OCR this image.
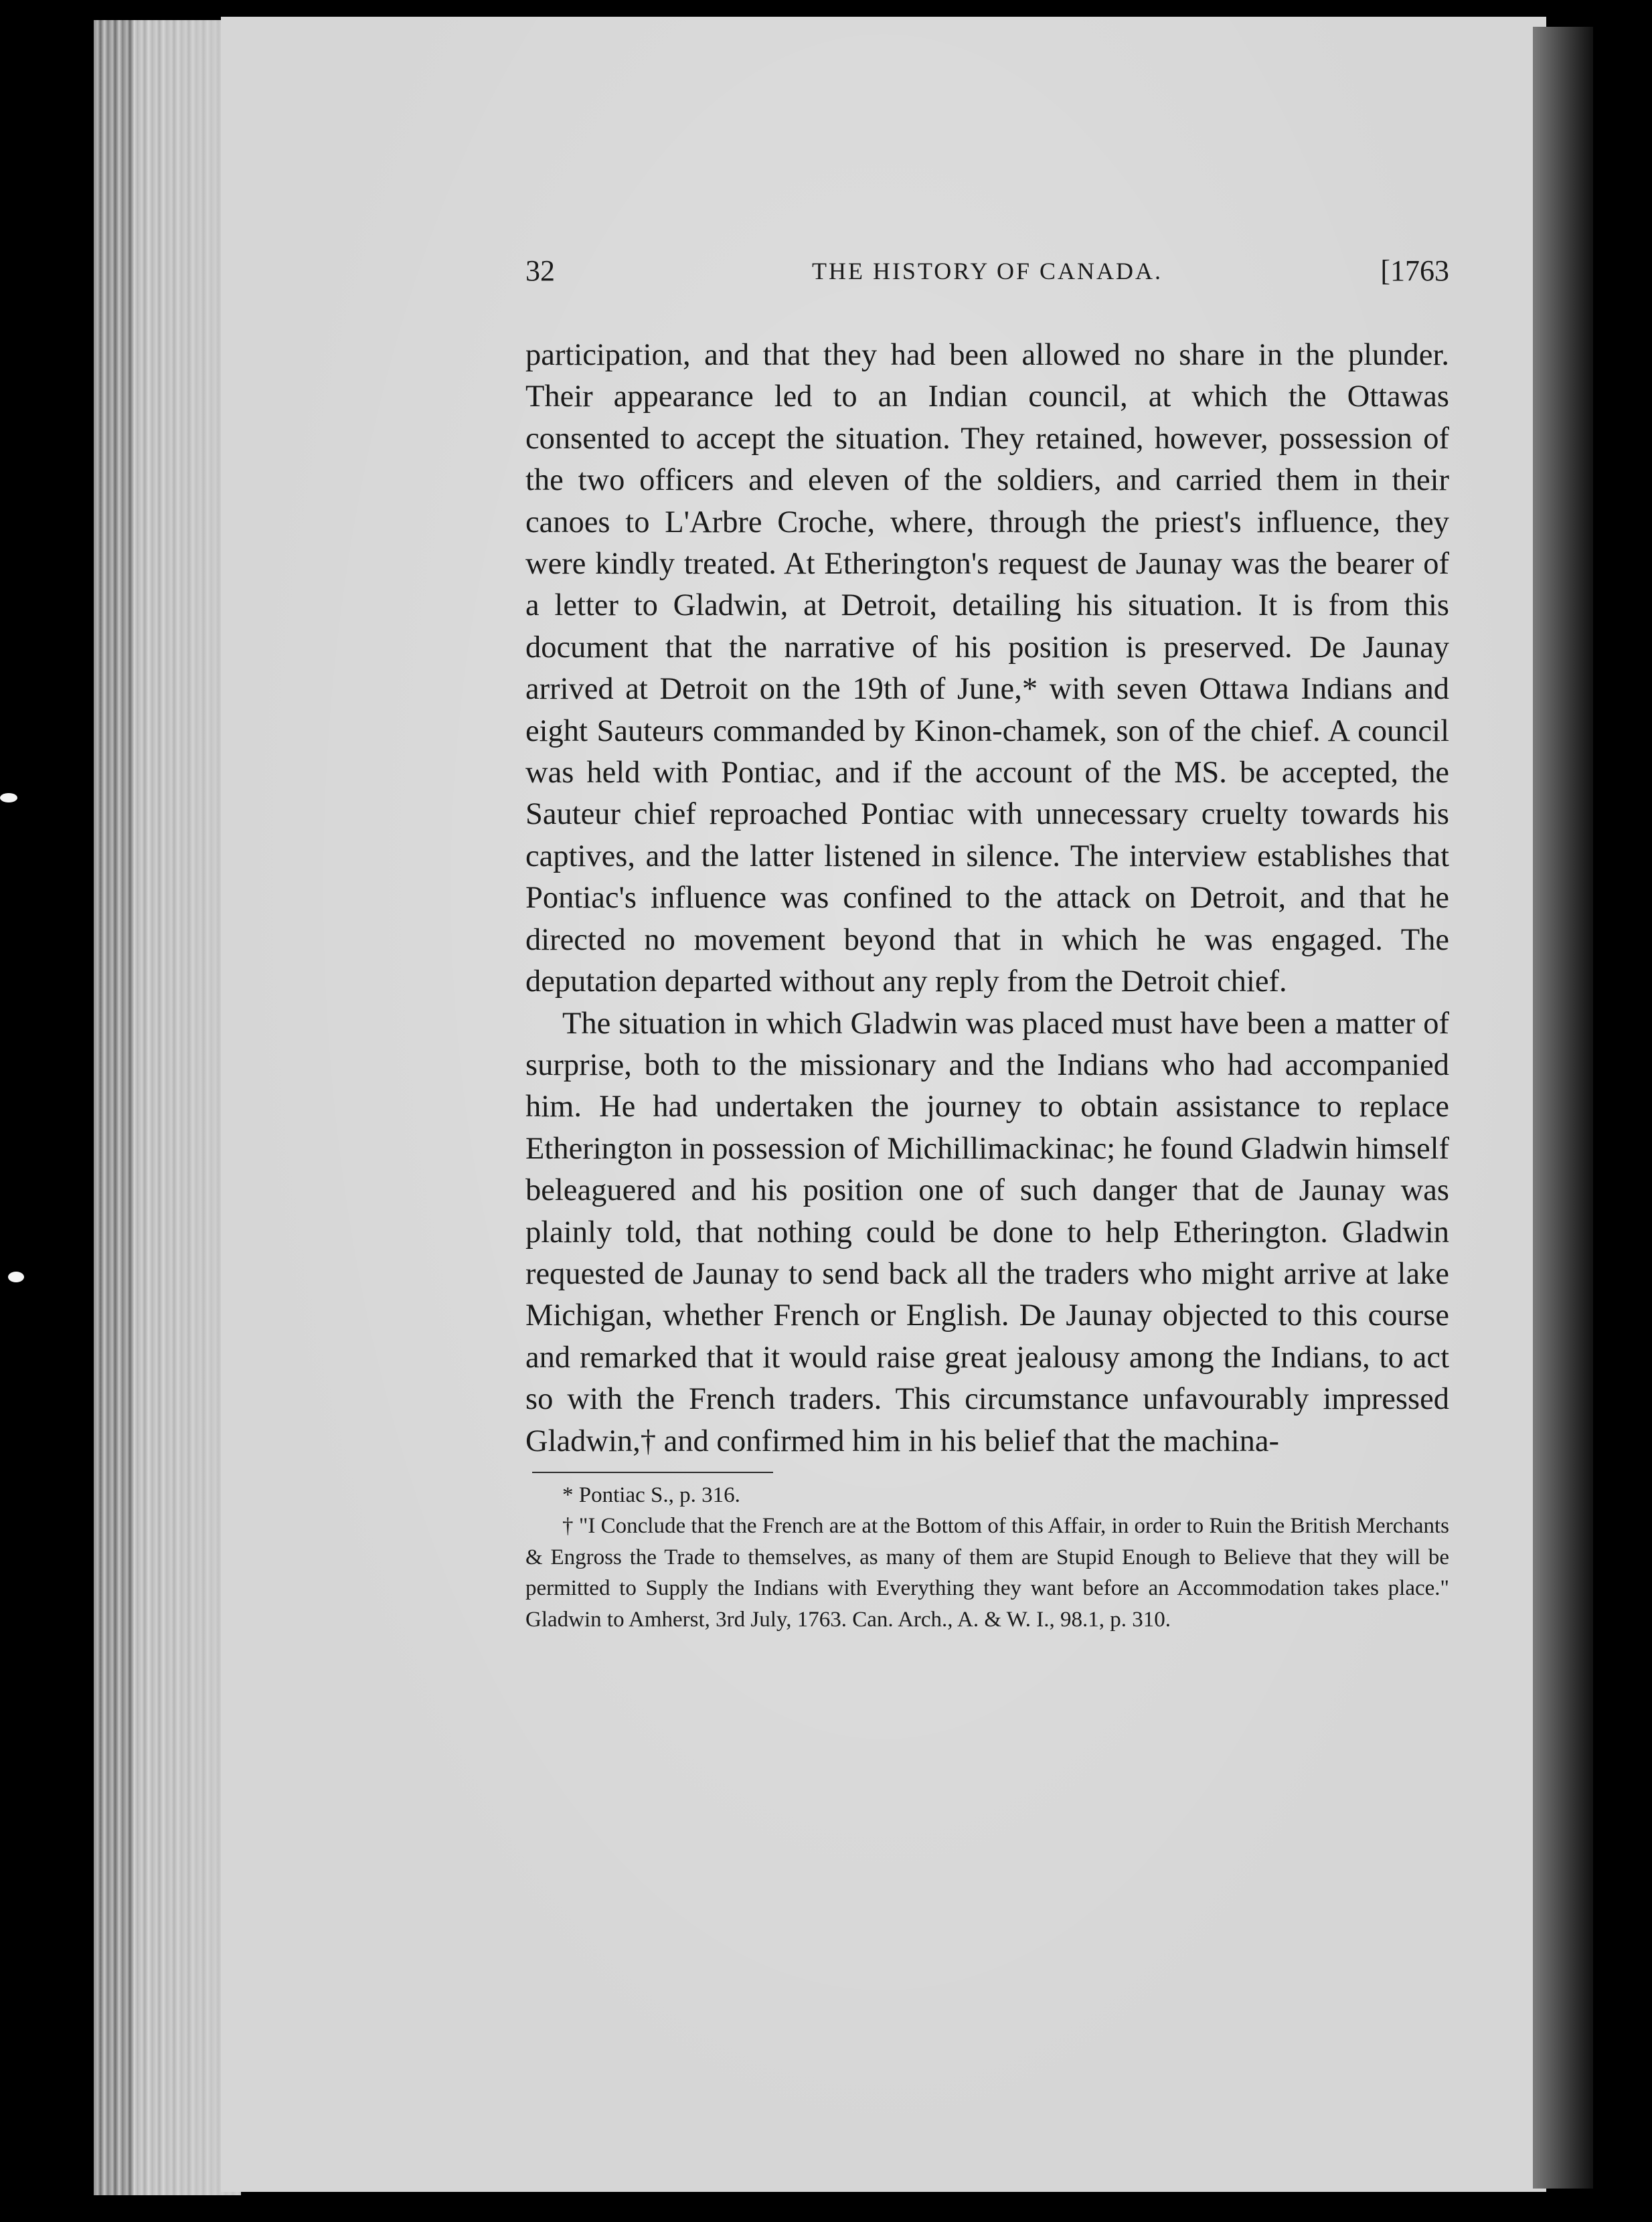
32	THE HISTORY OF CANADA.	[1763

participation, and that they had been allowed no share in the plunder. Their appearance led to an Indian council, at which the Ottawas consented to accept the situation. They retained, however, possession of the two officers and eleven of the soldiers, and carried them in their canoes to L'Arbre Croche, where, through the priest's influence, they were kindly treated. At Etherington's request de Jaunay was the bearer of a letter to Gladwin, at Detroit, detailing his situation. It is from this document that the narrative of his position is preserved. De Jaunay arrived at Detroit on the 19th of June,* with seven Ottawa Indians and eight Sauteurs commanded by Kinon-chamek, son of the chief. A council was held with Pontiac, and if the account of the MS. be accepted, the Sauteur chief reproached Pontiac with unnecessary cruelty towards his captives, and the latter listened in silence. The interview establishes that Pontiac's influence was confined to the attack on Detroit, and that he directed no movement beyond that in which he was engaged. The deputation departed without any reply from the Detroit chief.

The situation in which Gladwin was placed must have been a matter of surprise, both to the missionary and the Indians who had accompanied him. He had undertaken the journey to obtain assistance to replace Etherington in possession of Michillimackinac; he found Gladwin himself beleaguered and his position one of such danger that de Jaunay was plainly told, that nothing could be done to help Etherington. Gladwin requested de Jaunay to send back all the traders who might arrive at lake Michigan, whether French or English. De Jaunay objected to this course and remarked that it would raise great jealousy among the Indians, to act so with the French traders. This circumstance unfavourably impressed Gladwin,† and confirmed him in his belief that the machina-

* Pontiac S., p. 316.

† "I Conclude that the French are at the Bottom of this Affair, in order to Ruin the British Merchants & Engross the Trade to themselves, as many of them are Stupid Enough to Believe that they will be permitted to Supply the Indians with Everything they want before an Accommodation takes place." Gladwin to Amherst, 3rd July, 1763. Can. Arch., A. & W. I., 98.1, p. 310.
